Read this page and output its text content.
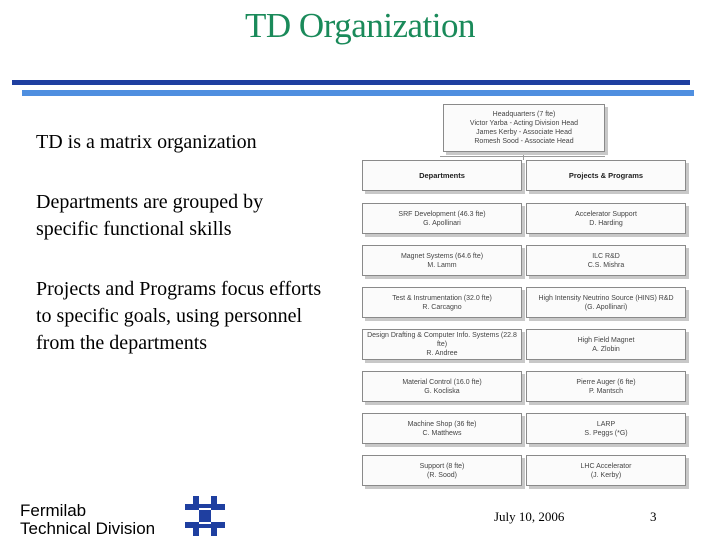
TD Organization
TD is a matrix organization
Departments are grouped by specific functional skills
Projects and Programs focus efforts to specific goals, using personnel from the departments
Headquarters (7 fte)
Victor Yarba - Acting Division Head
James Kerby - Associate Head
Romesh Sood - Associate Head
Departments	Projects & Programs
SRF Development (46.3 fte)
G. Apollinari
Magnet Systems (64.6 fte)
M. Lamm
Test & Instrumentation (32.0 fte)
R. Carcagno
Design Drafting & Computer Info. Systems (22.8 fte)
R. Andree
Material Control (16.0 fte)
G. Kocliska
Machine Shop (36 fte)
C. Matthews
Support (8 fte)
(R. Sood)
Accelerator Support
D. Harding
ILC R&D
C.S. Mishra
High Intensity Neutrino Source (HINS) R&D
(G. Apollinari)
High Field Magnet
A. Zlobin
Pierre Auger (6 fte)
P. Mantsch
LARP
S. Peggs (*G)
LHC Accelerator
(J. Kerby)
Fermilab
Technical Division
July 10, 2006	3
